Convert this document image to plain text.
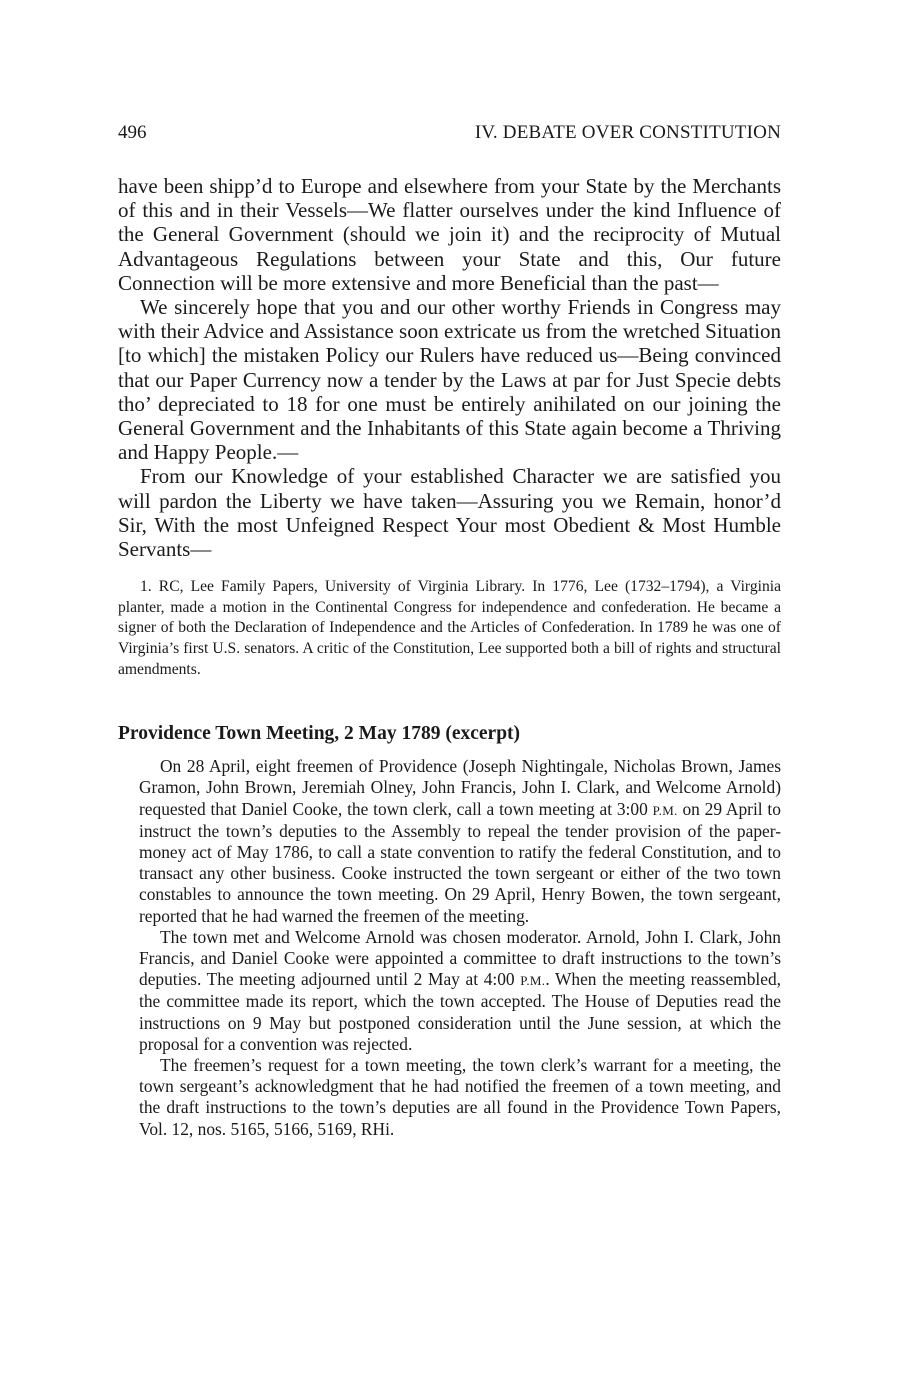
496	IV. DEBATE OVER CONSTITUTION

have been shipp’d to Europe and elsewhere from your State by the Merchants of this and in their Vessels—We flatter ourselves under the kind Influence of the General Government (should we join it) and the reciprocity of Mutual Advantageous Regulations between your State and this, Our future Connection will be more extensive and more Beneficial than the past—

We sincerely hope that you and our other worthy Friends in Congress may with their Advice and Assistance soon extricate us from the wretched Situation [to which] the mistaken Policy our Rulers have reduced us—Being convinced that our Paper Currency now a tender by the Laws at par for Just Specie debts tho’ depreciated to 18 for one must be entirely anihilated on our joining the General Government and the Inhabitants of this State again become a Thriving and Happy People.—

From our Knowledge of your established Character we are satisfied you will pardon the Liberty we have taken—Assuring you we Remain, honor’d Sir, With the most Unfeigned Respect Your most Obedient & Most Humble Servants—

1. RC, Lee Family Papers, University of Virginia Library. In 1776, Lee (1732–1794), a Virginia planter, made a motion in the Continental Congress for independence and confederation. He became a signer of both the Declaration of Independence and the Articles of Confederation. In 1789 he was one of Virginia’s first U.S. senators. A critic of the Constitution, Lee supported both a bill of rights and structural amendments.
Providence Town Meeting, 2 May 1789 (excerpt)

On 28 April, eight freemen of Providence (Joseph Nightingale, Nicholas Brown, James Gramon, John Brown, Jeremiah Olney, John Francis, John I. Clark, and Welcome Arnold) requested that Daniel Cooke, the town clerk, call a town meeting at 3:00 P.M. on 29 April to instruct the town’s deputies to the Assembly to repeal the tender provision of the paper-money act of May 1786, to call a state convention to ratify the federal Constitution, and to transact any other business. Cooke instructed the town sergeant or either of the two town constables to announce the town meeting. On 29 April, Henry Bowen, the town sergeant, reported that he had warned the freemen of the meeting.

The town met and Welcome Arnold was chosen moderator. Arnold, John I. Clark, John Francis, and Daniel Cooke were appointed a committee to draft instructions to the town’s deputies. The meeting adjourned until 2 May at 4:00 P.M.. When the meeting reassembled, the committee made its report, which the town accepted. The House of Deputies read the instructions on 9 May but postponed consideration until the June session, at which the proposal for a convention was rejected.

The freemen’s request for a town meeting, the town clerk’s warrant for a meeting, the town sergeant’s acknowledgment that he had notified the freemen of a town meeting, and the draft instructions to the town’s deputies are all found in the Providence Town Papers, Vol. 12, nos. 5165, 5166, 5169, RHi.
